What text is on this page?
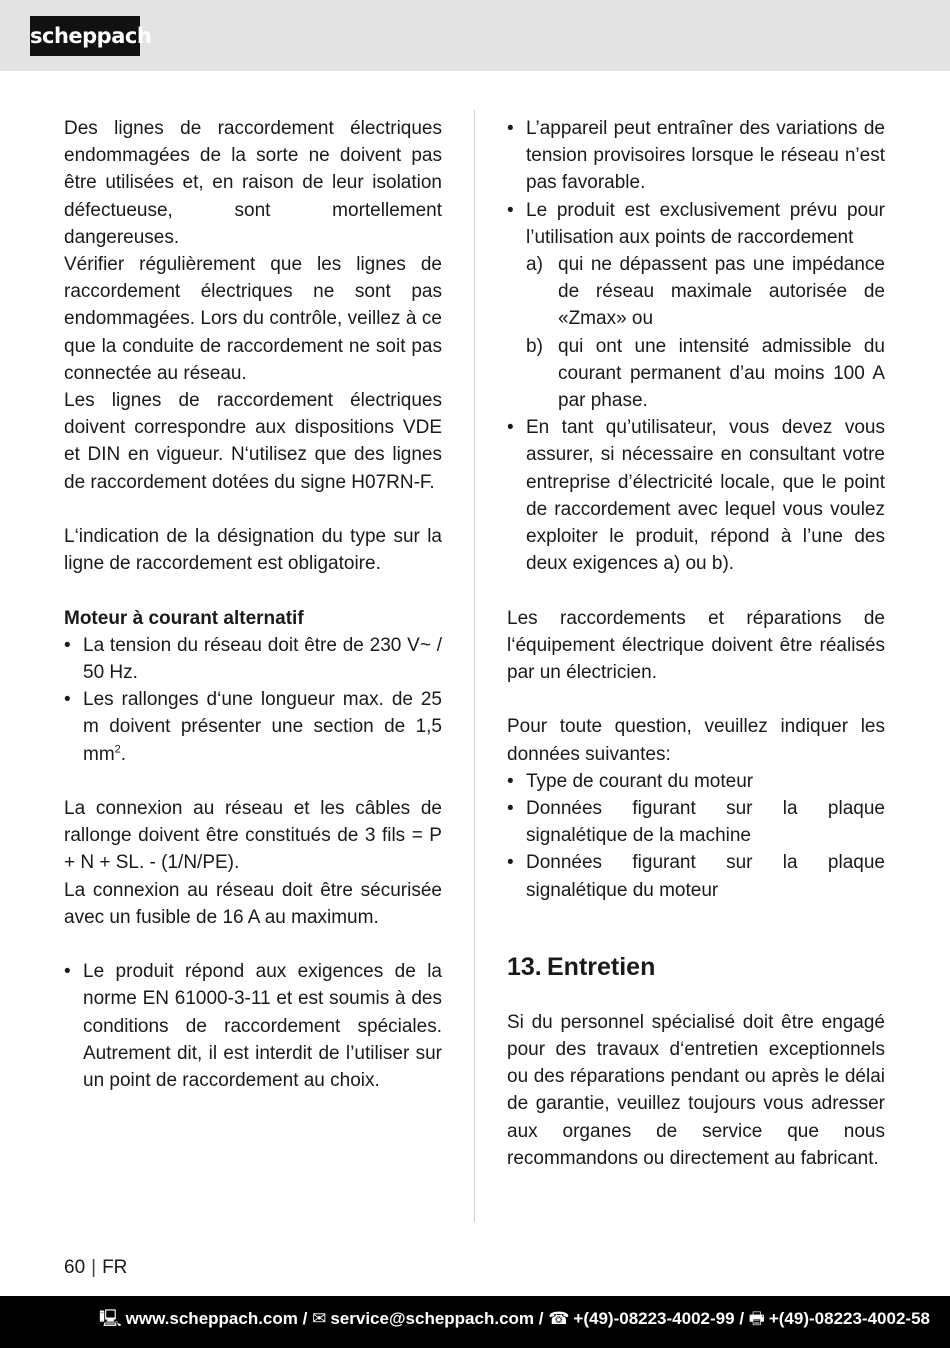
scheppach

Des lignes de raccordement électriques endommagées de la sorte ne doivent pas être utilisées et, en raison de leur isolation défectueuse, sont mortellement dangereuses.

Vérifier régulièrement que les lignes de raccordement électriques ne sont pas endommagées. Lors du contrôle, veillez à ce que la conduite de raccordement ne soit pas connectée au réseau.

Les lignes de raccordement électriques doivent correspondre aux dispositions VDE et DIN en vigueur. N‘utilisez que des lignes de raccordement dotées du signe H07RN-F.

L‘indication de la désignation du type sur la ligne de raccordement est obligatoire.

Moteur à courant alternatif

• La tension du réseau doit être de 230 V~ / 50 Hz.
• Les rallonges d‘une longueur max. de 25 m doivent présenter une section de 1,5 $mm^2$.

La connexion au réseau et les câbles de rallonge doivent être constitués de 3 fils = P + N + SL. - (1/N/PE).

La connexion au réseau doit être sécurisée avec un fusible de 16 A au maximum.

• Le produit répond aux exigences de la norme EN 61000-3-11 et est soumis à des conditions de raccordement spéciales. Autrement dit, il est interdit de l’utiliser sur un point de raccordement au choix.
• L’appareil peut entraîner des variations de tension provisoires lorsque le réseau n’est pas favorable.
• Le produit est exclusivement prévu pour l’utilisation aux points de raccordement
a) qui ne dépassent pas une impédance de réseau maximale autorisée de «Zmax» ou
b) qui ont une intensité admissible du courant permanent d’au moins 100 A par phase.
• En tant qu’utilisateur, vous devez vous assurer, si nécessaire en consultant votre entreprise d’électricité locale, que le point de raccordement avec lequel vous voulez exploiter le produit, répond à l’une des deux exigences a) ou b).

Les raccordements et réparations de l‘équipement électrique doivent être réalisés par un électricien.

Pour toute question, veuillez indiquer les données suivantes:

• Type de courant du moteur
• Données figurant sur la plaque signalétique de la machine
• Données figurant sur la plaque signalétique du moteur
13. Entretien

Si du personnel spécialisé doit être engagé pour des travaux d‘entretien exceptionnels ou des réparations pendant ou après le délai de garantie, veuillez toujours vous adresser aux organes de service que nous recommandons ou directement au fabricant.

60 | FR
🖳︎ www.scheppach.com / ✉︎ service@scheppach.com / ☎︎ +(49)-08223-4002-99 / 🖶︎ +(49)-08223-4002-58
